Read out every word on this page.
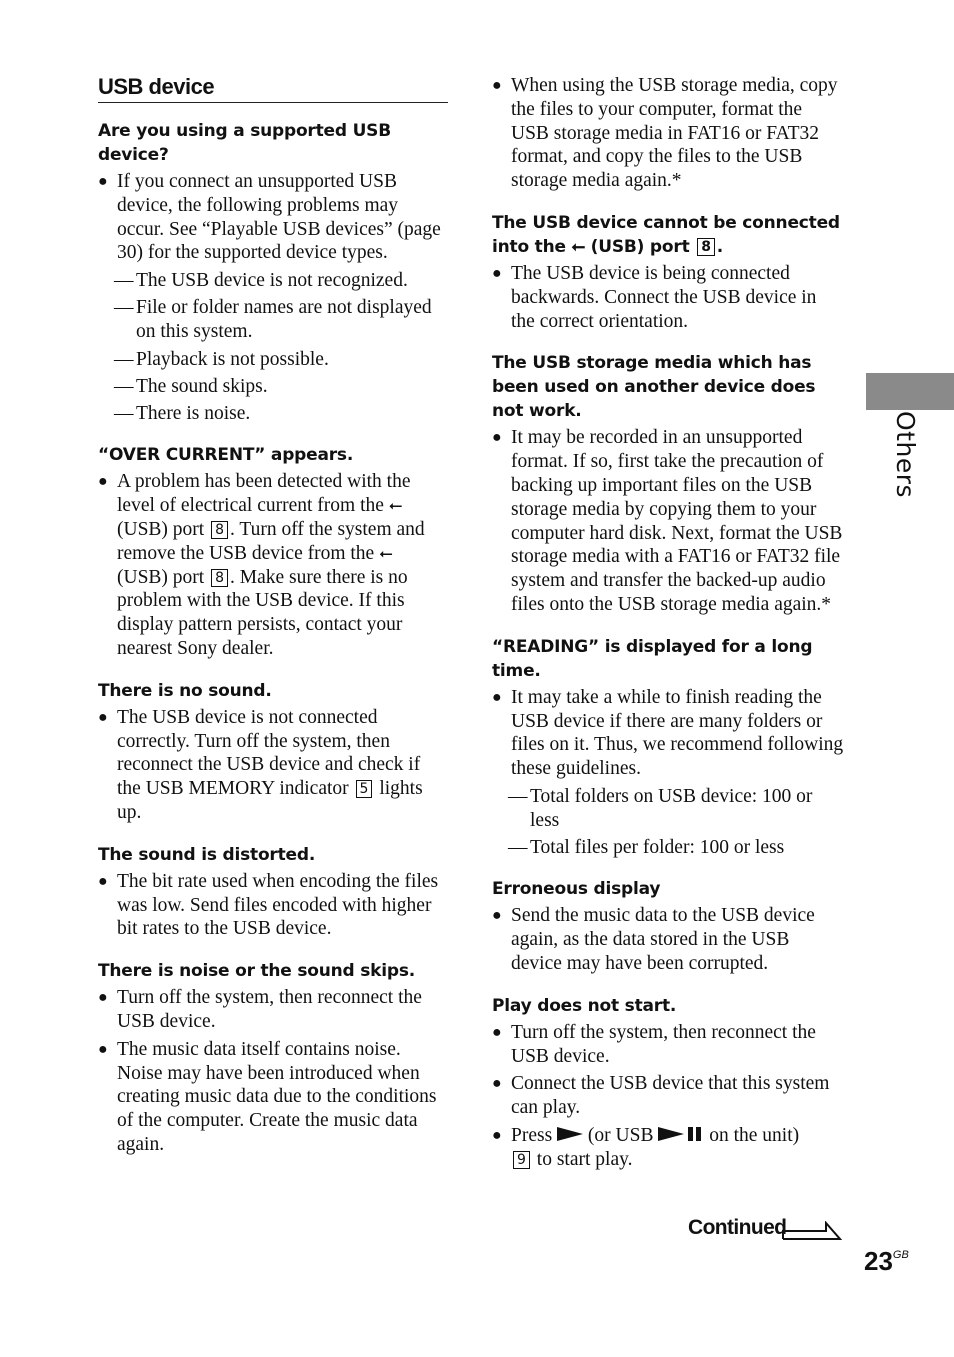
USB device
Are you using a supported USB device?
● If you connect an unsupported USB device, the following problems may occur. See “Playable USB devices” (page 30) for the supported device types.
— The USB device is not recognized.
— File or folder names are not displayed on this system.
— Playback is not possible.
— The sound skips.
— There is noise.
“OVER CURRENT” appears.
● A problem has been detected with the level of electrical current from the ⭠
(USB) port 8 . Turn off the system and remove the USB device from the ⭠
(USB) port 8 . Make sure there is no problem with the USB device. If this display pattern persists, contact your nearest Sony dealer.
There is no sound.
● The USB device is not connected correctly. Turn off the system, then reconnect the USB device and check if the USB MEMORY indicator 5 lights up.
The sound is distorted.
● The bit rate used when encoding the files was low. Send files encoded with higher bit rates to the USB device.
There is noise or the sound skips.
● Turn off the system, then reconnect the USB device.
● The music data itself contains noise. Noise may have been introduced when creating music data due to the conditions of the computer. Create the music data again.
● When using the USB storage media, copy the files to your computer, format the USB storage media in FAT16 or FAT32 format, and copy the files to the USB storage media again.*
The USB device cannot be connected into the ⭠ (USB) port 8 .
● The USB device is being connected backwards. Connect the USB device in the correct orientation.
The USB storage media which has been used on another device does not work.
● It may be recorded in an unsupported format. If so, first take the precaution of backing up important files on the USB storage media by copying them to your computer hard disk. Next, format the USB storage media with a FAT16 or FAT32 file system and transfer the backed-up audio files onto the USB storage media again.*
“READING” is displayed for a long time.
● It may take a while to finish reading the USB device if there are many folders or files on it. Thus, we recommend following these guidelines.
— Total folders on USB device: 100 or less
— Total files per folder: 100 or less
Erroneous display
● Send the music data to the USB device again, as the data stored in the USB device may have been corrupted.
Play does not start.
● Turn off the system, then reconnect the USB device.
● Connect the USB device that this system can play.
● Press (or USB	on the unit)
9 to start play.
Others
Continued
$23^{GB}$
